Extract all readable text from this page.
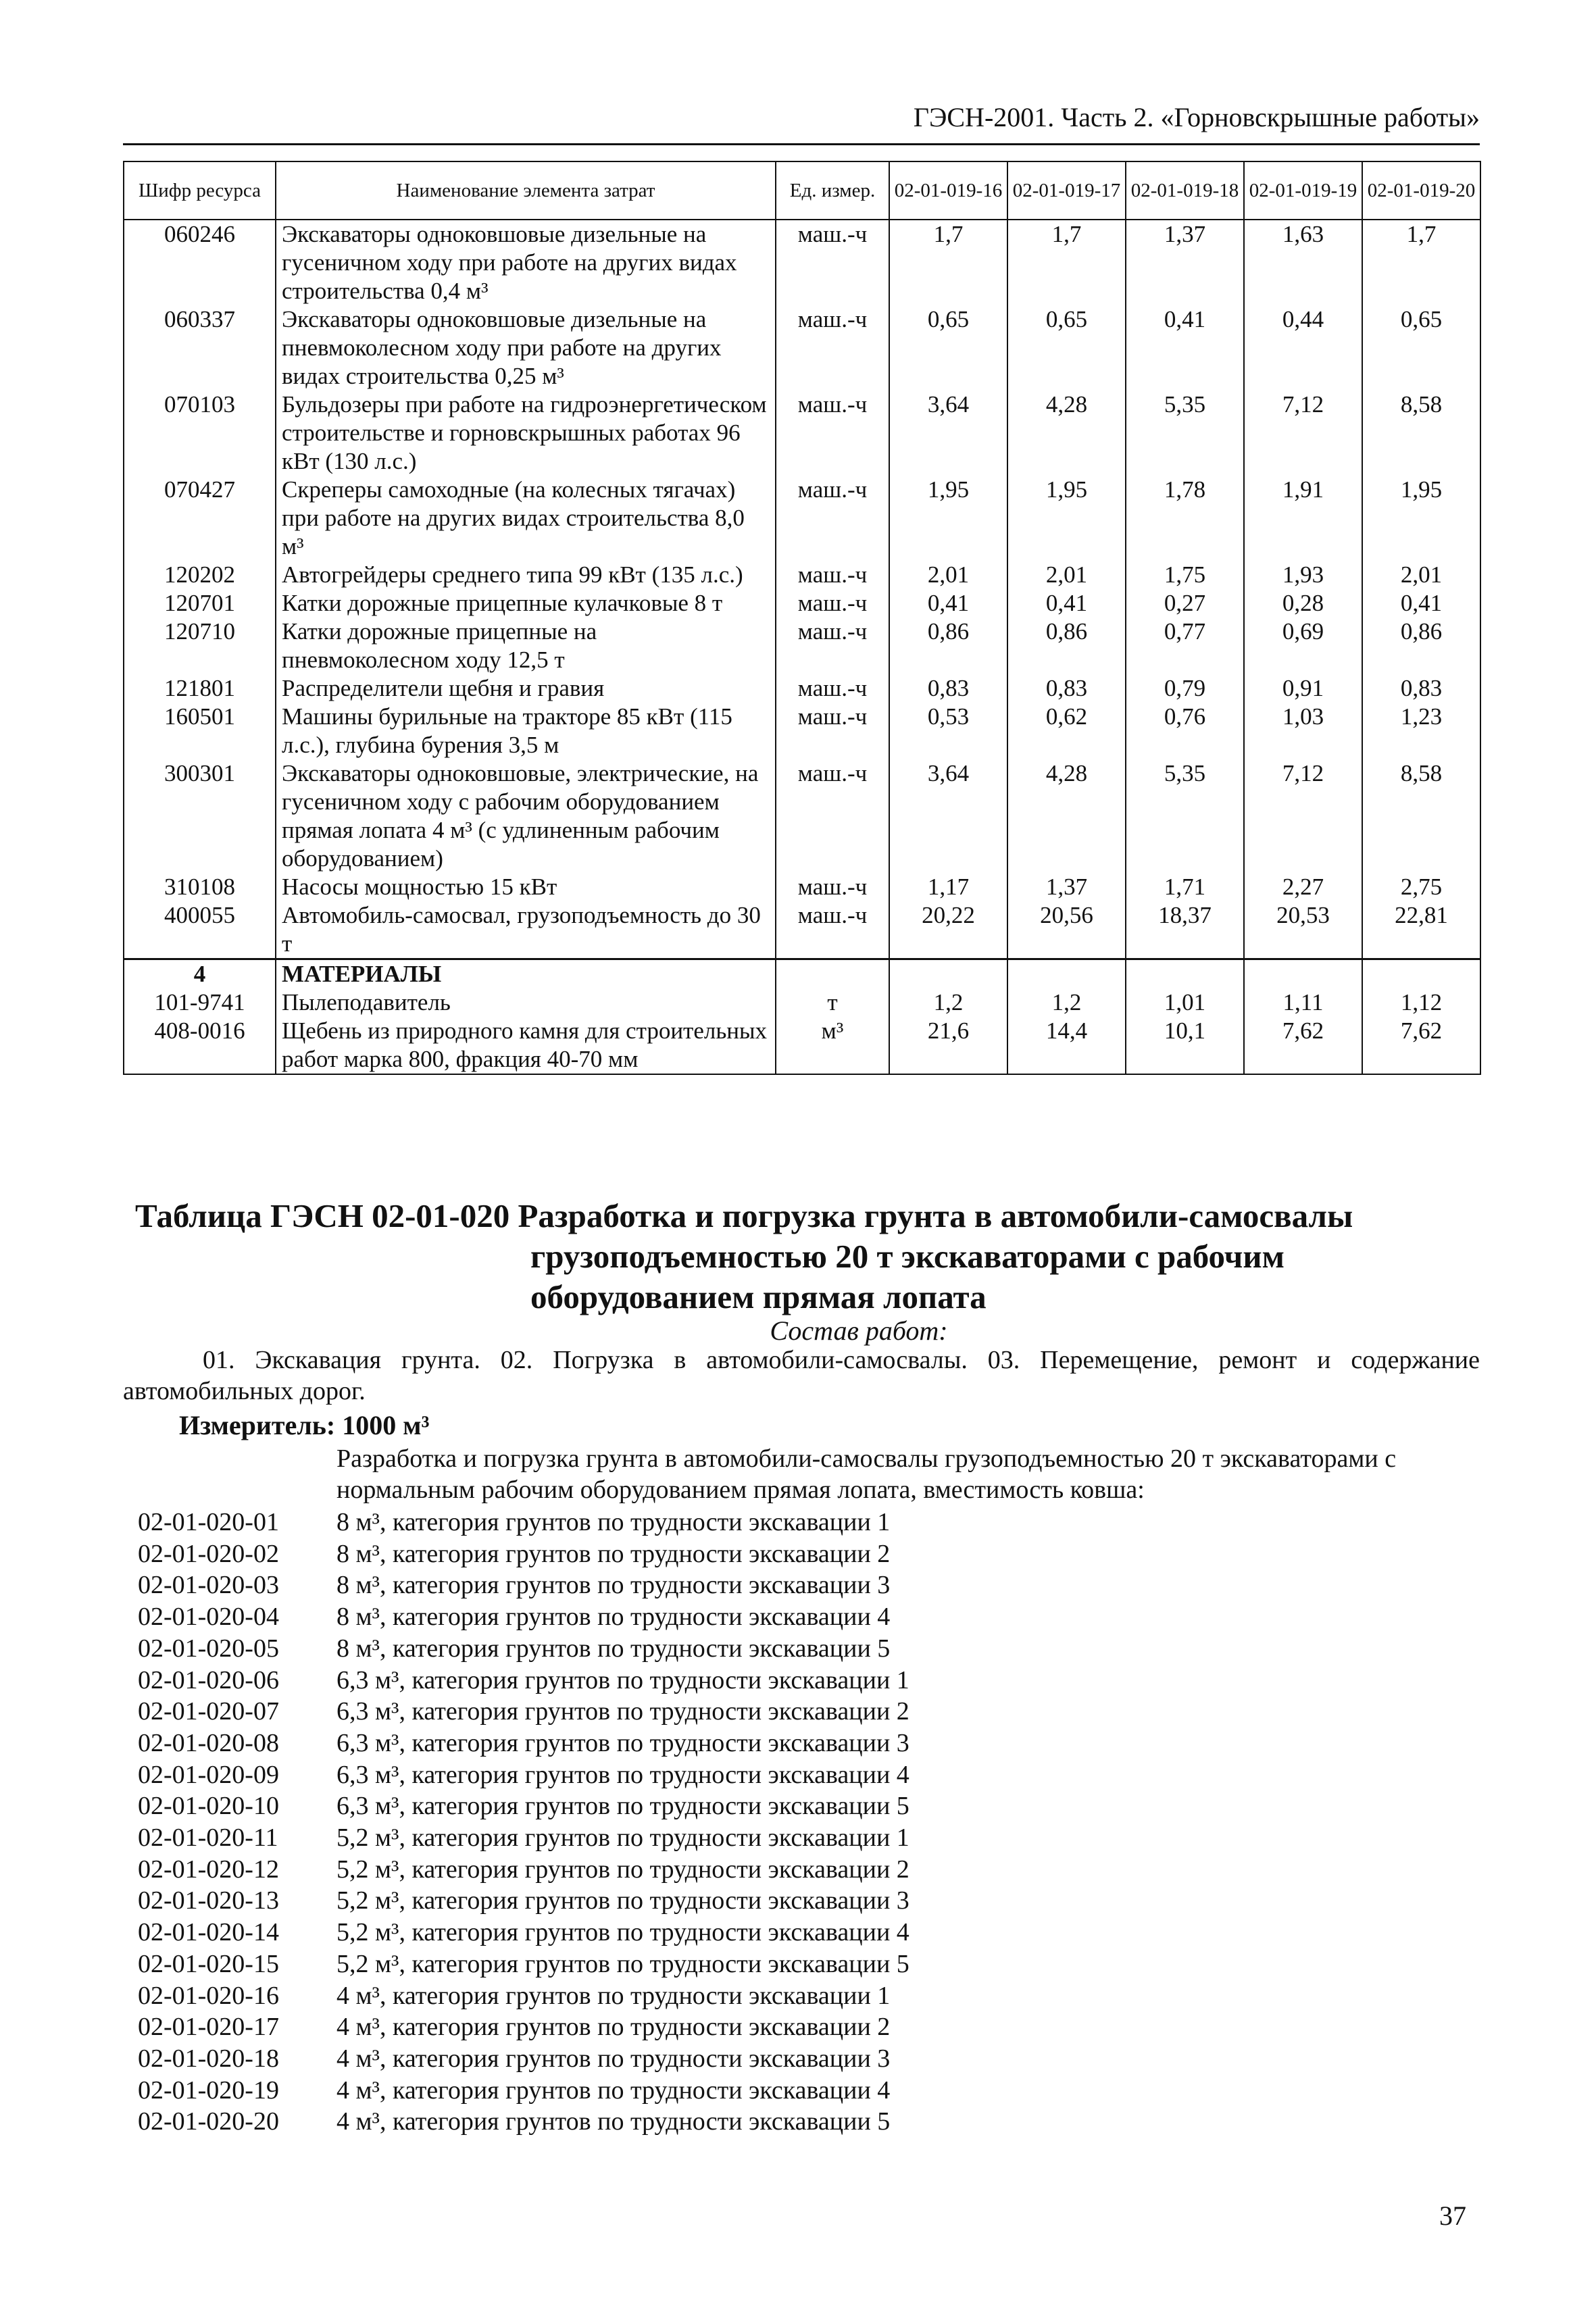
ГЭСН-2001. Часть 2. «Горновскрышные работы»
Шифр ресурса	Наименование элемента затрат	Ед. измер.	02-01-019-16	02-01-019-17	02-01-019-18	02-01-019-19	02-01-019-20
060246	Экскаваторы одноковшовые дизельные на гусеничном ходу при работе на других видах строительства 0,4 м³	маш.-ч	1,7	1,7	1,37	1,63	1,7
060337	Экскаваторы одноковшовые дизельные на пневмоколесном ходу при работе на других видах строительства 0,25 м³	маш.-ч	0,65	0,65	0,41	0,44	0,65
070103	Бульдозеры при работе на гидроэнергетическом строительстве и горновскрышных работах 96 кВт (130 л.с.)	маш.-ч	3,64	4,28	5,35	7,12	8,58
070427	Скреперы самоходные (на колесных тягачах) при работе на других видах строительства 8,0 м³	маш.-ч	1,95	1,95	1,78	1,91	1,95
120202	Автогрейдеры среднего типа 99 кВт (135 л.с.)	маш.-ч	2,01	2,01	1,75	1,93	2,01
120701	Катки дорожные прицепные кулачковые 8 т	маш.-ч	0,41	0,41	0,27	0,28	0,41
120710	Катки дорожные прицепные на пневмоколесном ходу 12,5 т	маш.-ч	0,86	0,86	0,77	0,69	0,86
121801	Распределители щебня и гравия	маш.-ч	0,83	0,83	0,79	0,91	0,83
160501	Машины бурильные на тракторе 85 кВт (115 л.с.), глубина бурения 3,5 м	маш.-ч	0,53	0,62	0,76	1,03	1,23
300301	Экскаваторы одноковшовые, электрические, на гусеничном ходу с рабочим оборудованием прямая лопата 4 м³ (с удлиненным рабочим оборудованием)	маш.-ч	3,64	4,28	5,35	7,12	8,58
310108	Насосы мощностью 15 кВт	маш.-ч	1,17	1,37	1,71	2,27	2,75
400055	Автомобиль-самосвал, грузоподъемность до 30 т	маш.-ч	20,22	20,56	18,37	20,53	22,81
4	МАТЕРИАЛЫ						
101-9741	Пылеподавитель	т	1,2	1,2	1,01	1,11	1,12
408-0016	Щебень из природного камня для строительных работ марка 800, фракция 40-70 мм	м³	21,6	14,4	10,1	7,62	7,62
Таблица ГЭСН 02-01-020 Разработка и погрузка грунта в автомобили-самосвалы
грузоподъемностью 20 т экскаваторами с рабочим
оборудованием прямая лопата
Состав работ:
01. Экскавация грунта. 02. Погрузка в автомобили-самосвалы. 03. Перемещение, ремонт и содержание автомобильных дорог.
Измеритель: 1000 м³
Разработка и погрузка грунта в автомобили-самосвалы грузоподъемностью 20 т экскаваторами с нормальным рабочим оборудованием прямая лопата, вместимость ковша:
02-01-020-01	8 м³, категория грунтов по трудности экскавации 1
02-01-020-02	8 м³, категория грунтов по трудности экскавации 2
02-01-020-03	8 м³, категория грунтов по трудности экскавации 3
02-01-020-04	8 м³, категория грунтов по трудности экскавации 4
02-01-020-05	8 м³, категория грунтов по трудности экскавации 5
02-01-020-06	6,3 м³, категория грунтов по трудности экскавации 1
02-01-020-07	6,3 м³, категория грунтов по трудности экскавации 2
02-01-020-08	6,3 м³, категория грунтов по трудности экскавации 3
02-01-020-09	6,3 м³, категория грунтов по трудности экскавации 4
02-01-020-10	6,3 м³, категория грунтов по трудности экскавации 5
02-01-020-11	5,2 м³, категория грунтов по трудности экскавации 1
02-01-020-12	5,2 м³, категория грунтов по трудности экскавации 2
02-01-020-13	5,2 м³, категория грунтов по трудности экскавации 3
02-01-020-14	5,2 м³, категория грунтов по трудности экскавации 4
02-01-020-15	5,2 м³, категория грунтов по трудности экскавации 5
02-01-020-16	4 м³, категория грунтов по трудности экскавации 1
02-01-020-17	4 м³, категория грунтов по трудности экскавации 2
02-01-020-18	4 м³, категория грунтов по трудности экскавации 3
02-01-020-19	4 м³, категория грунтов по трудности экскавации 4
02-01-020-20	4 м³, категория грунтов по трудности экскавации 5
37
